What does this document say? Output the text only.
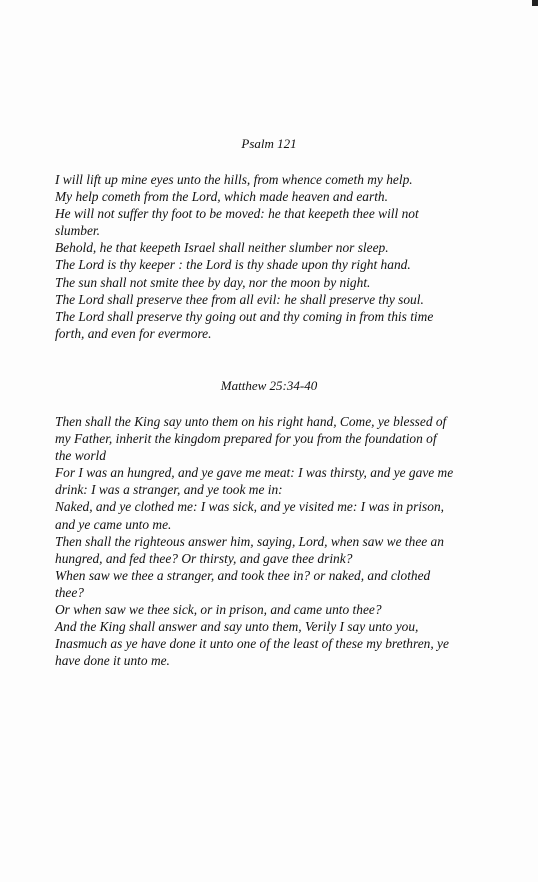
Psalm 121
I will lift up mine eyes unto the hills, from whence cometh my help.
My help cometh from the Lord, which made heaven and earth.
He will not suffer thy foot to be moved: he that keepeth thee will not
slumber.
Behold, he that keepeth Israel shall neither slumber nor sleep.
The Lord is thy keeper : the Lord is thy shade upon thy right hand.
The sun shall not smite thee by day, nor the moon by night.
The Lord shall preserve thee from all evil: he shall preserve thy soul.
The Lord shall preserve thy going out and thy coming in from this time
forth, and even for evermore.
Matthew 25:34-40
Then shall the King say unto them on his right hand, Come, ye blessed of
my Father, inherit the kingdom prepared for you from the foundation of
the world
For I was an hungred, and ye gave me meat: I was thirsty, and ye gave me
drink: I was a stranger, and ye took me in:
Naked, and ye clothed me: I was sick, and ye visited me: I was in prison,
and ye came unto me.
Then shall the righteous answer him, saying, Lord, when saw we thee an
hungred, and fed thee? Or thirsty, and gave thee drink?
When saw we thee a stranger, and took thee in? or naked, and clothed
thee?
Or when saw we thee sick, or in prison, and came unto thee?
And the King shall answer and say unto them, Verily I say unto you,
Inasmuch as ye have done it unto one of the least of these my brethren, ye
have done it unto me.
